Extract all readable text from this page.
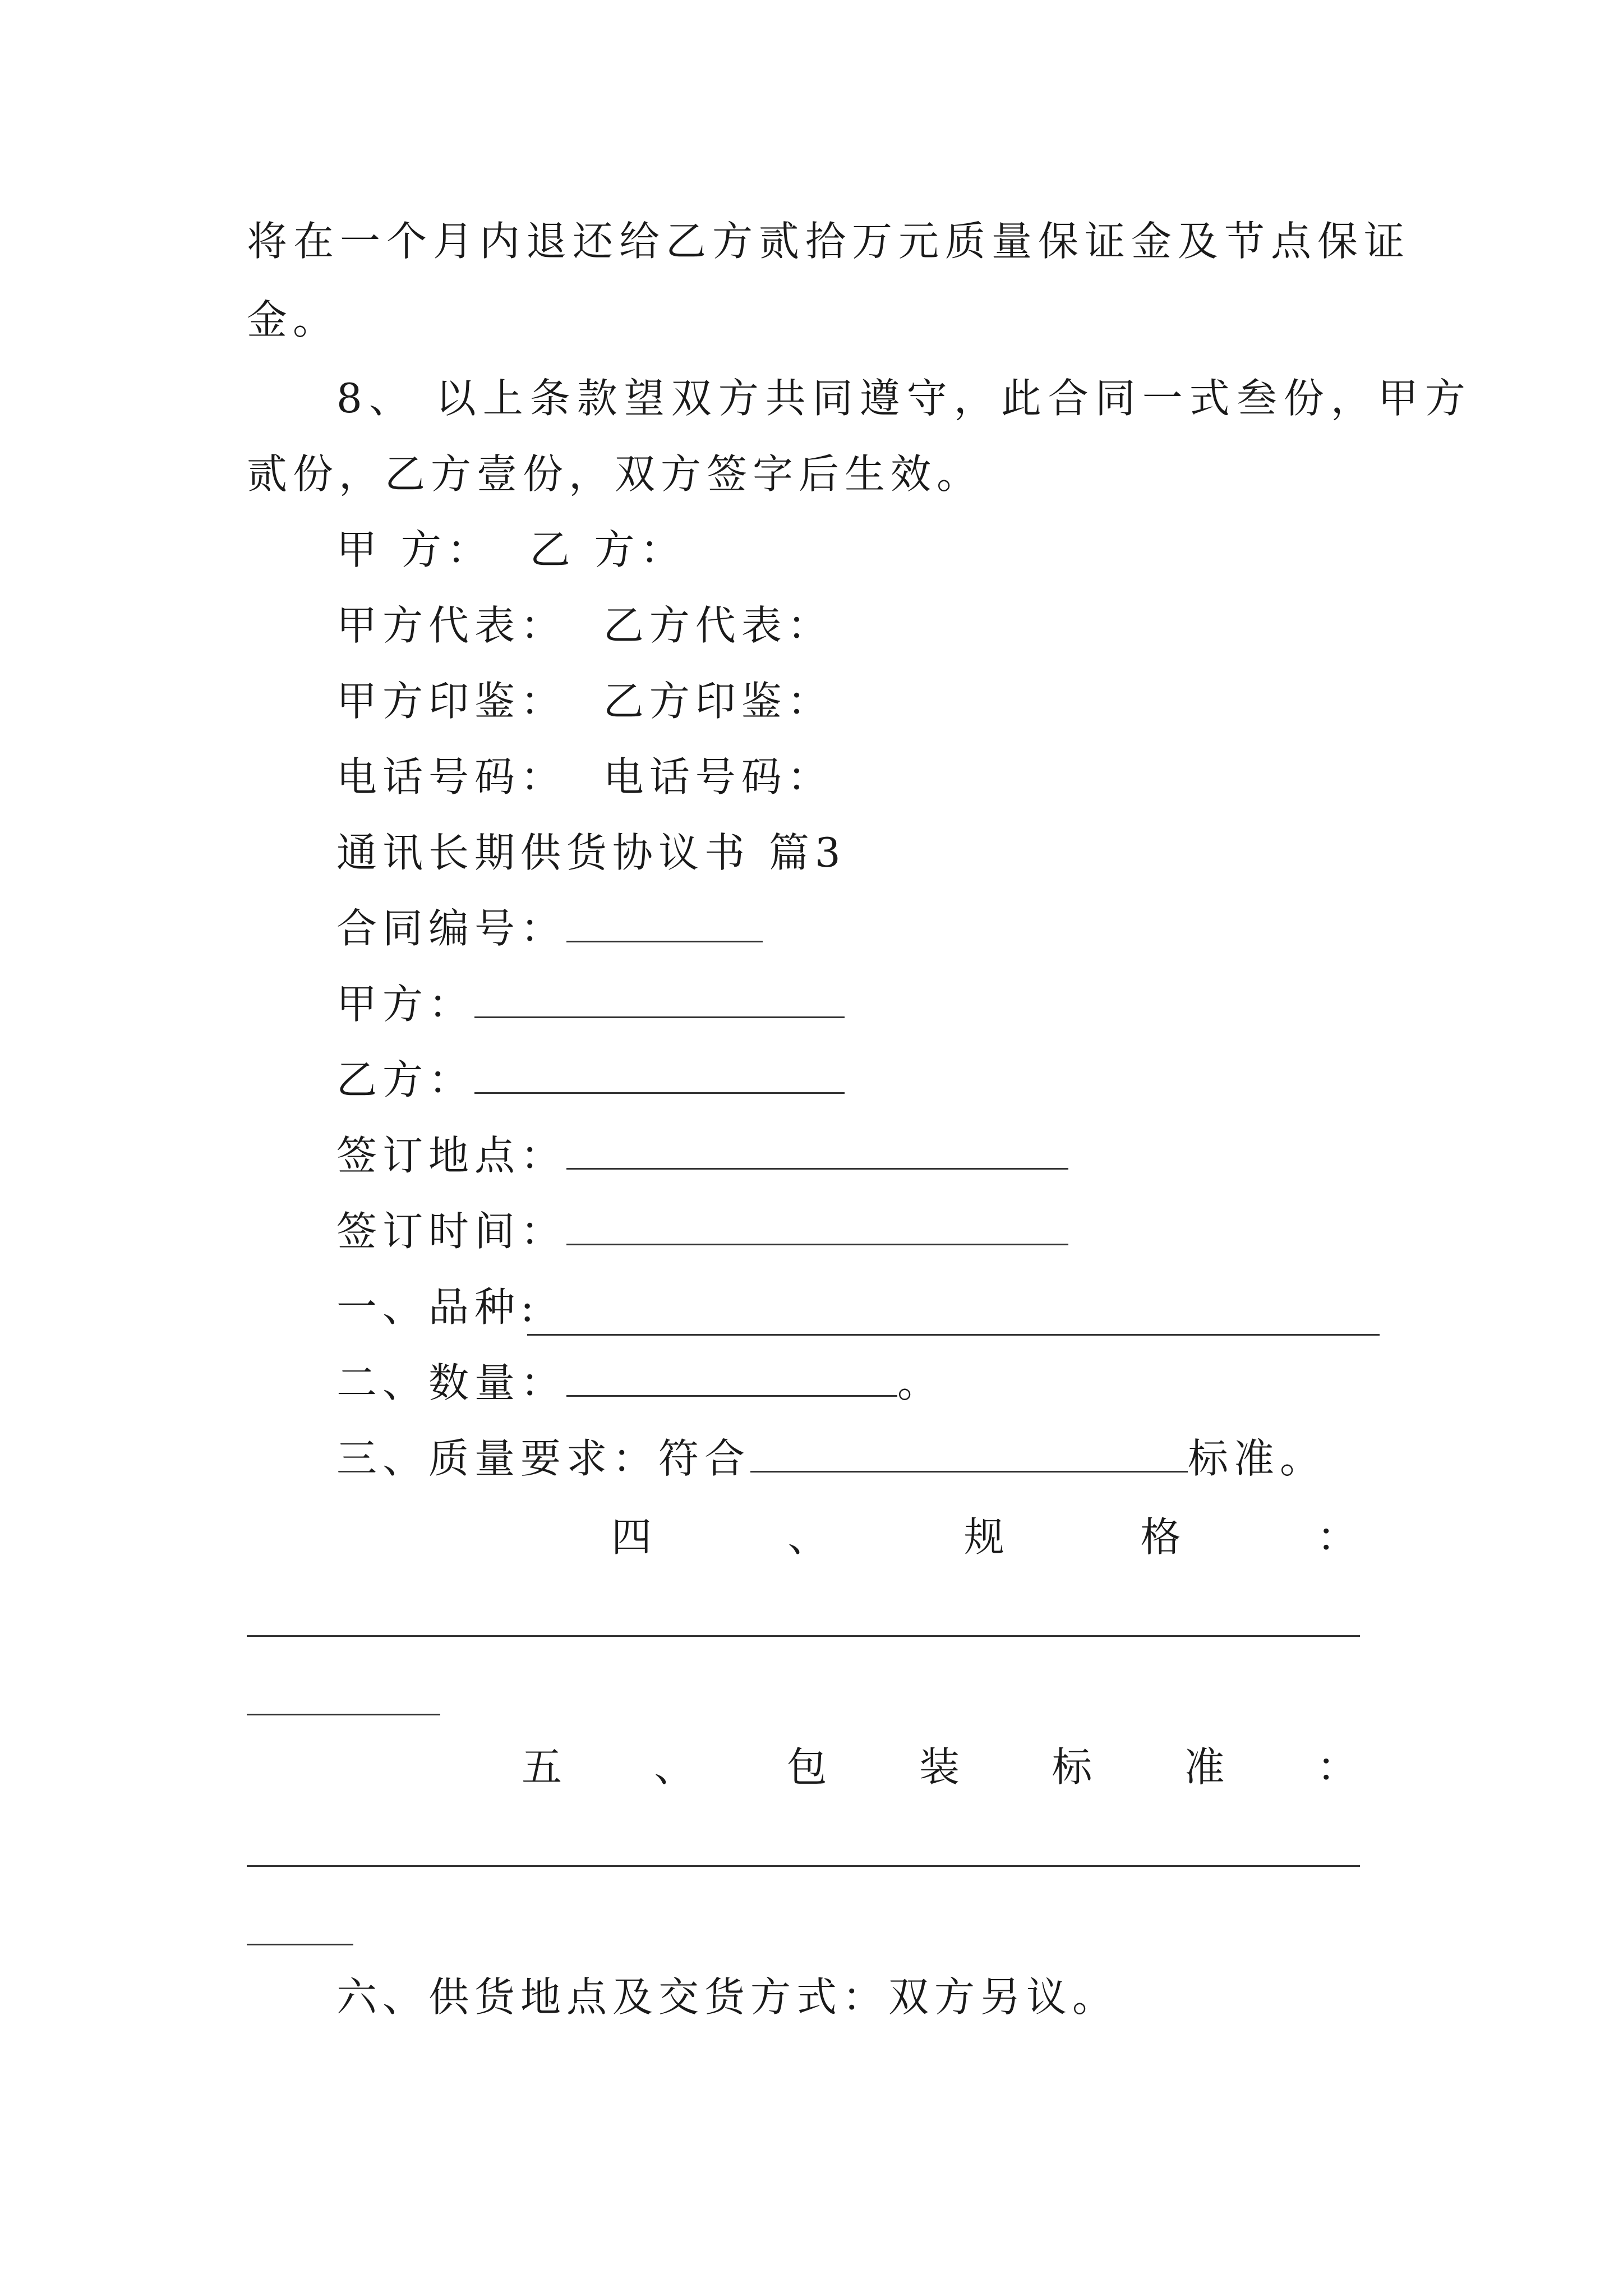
将在一个月内退还给乙方贰拾万元质量保证金及节点保证
金。
8、 以上条款望双方共同遵守，此合同一式叁份，甲方
贰份，乙方壹份，双方签字后生效。
甲 方：  乙 方：
甲方代表：  乙方代表：
甲方印鉴：  乙方印鉴：
电话号码：  电话号码：
通讯长期供货协议书 篇3
合同编号：
甲方：
乙方：
签订地点：
签订时间：
一、品种:
二、数量：	。
三、质量要求：符合	标准。
四	、	规	格	：
五 、 包 装 标 准 ：
六、供货地点及交货方式：双方另议。
